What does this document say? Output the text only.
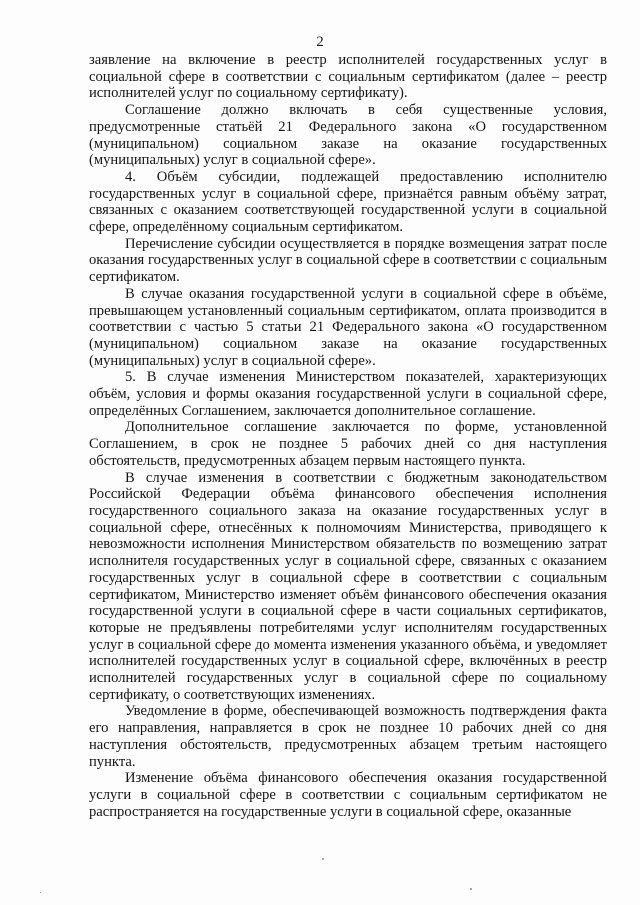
2

заявление на включение в реестр исполнителей государственных услуг в социальной сфере в соответствии с социальным сертификатом (далее – реестр исполнителей услуг по социальному сертификату).

Соглашение должно включать в себя существенные условия, предусмотренные статьёй 21 Федерального закона «О государственном (муниципальном) социальном заказе на оказание государственных (муниципальных) услуг в социальной сфере».

4. Объём субсидии, подлежащей предоставлению исполнителю государственных услуг в социальной сфере, признаётся равным объёму затрат, связанных с оказанием соответствующей государственной услуги в социальной сфере, определённому социальным сертификатом.

Перечисление субсидии осуществляется в порядке возмещения затрат после оказания государственных услуг в социальной сфере в соответствии с социальным сертификатом.

В случае оказания государственной услуги в социальной сфере в объёме, превышающем установленный социальным сертификатом, оплата производится в соответствии с частью 5 статьи 21 Федерального закона «О государственном (муниципальном) социальном заказе на оказание государственных (муниципальных) услуг в социальной сфере».

5. В случае изменения Министерством показателей, характеризующих объём, условия и формы оказания государственной услуги в социальной сфере, определённых Соглашением, заключается дополнительное соглашение.

Дополнительное соглашение заключается по форме, установленной Соглашением, в срок не позднее 5 рабочих дней со дня наступления обстоятельств, предусмотренных абзацем первым настоящего пункта.

В случае изменения в соответствии с бюджетным законодательством Российской Федерации объёма финансового обеспечения исполнения государственного социального заказа на оказание государственных услуг в социальной сфере, отнесённых к полномочиям Министерства, приводящего к невозможности исполнения Министерством обязательств по возмещению затрат исполнителя государственных услуг в социальной сфере, связанных с оказанием государственных услуг в социальной сфере в соответствии с социальным сертификатом, Министерство изменяет объём финансового обеспечения оказания государственной услуги в социальной сфере в части социальных сертификатов, которые не предъявлены потребителями услуг исполнителям государственных услуг в социальной сфере до момента изменения указанного объёма, и уведомляет исполнителей государственных услуг в социальной сфере, включённых в реестр исполнителей государственных услуг в социальной сфере по социальному сертификату, о соответствующих изменениях.

Уведомление в форме, обеспечивающей возможность подтверждения факта его направления, направляется в срок не позднее 10 рабочих дней со дня наступления обстоятельств, предусмотренных абзацем третьим настоящего пункта.

Изменение объёма финансового обеспечения оказания государственной услуги в социальной сфере в соответствии с социальным сертификатом не распространяется на государственные услуги в социальной сфере, оказанные
